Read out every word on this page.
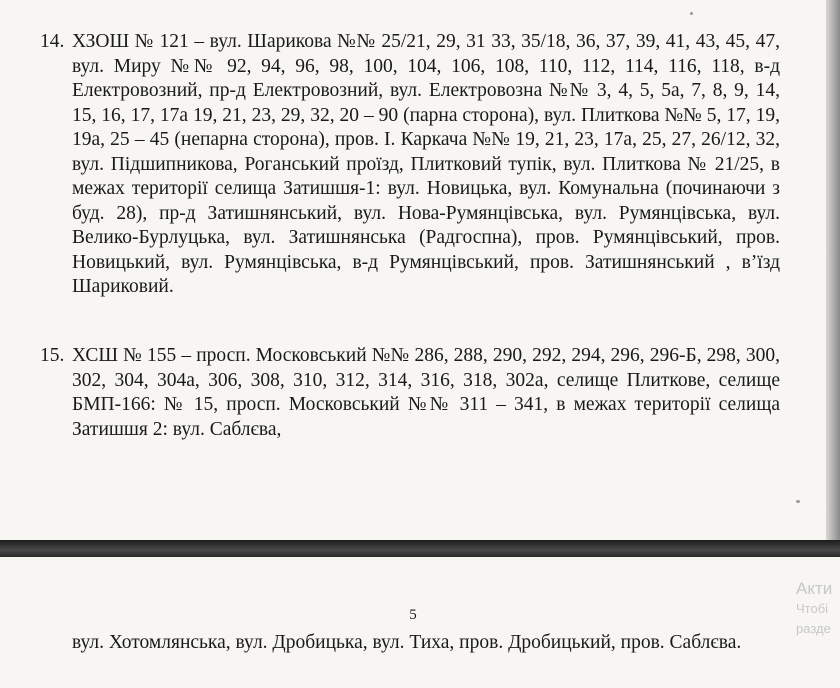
14. ХЗОШ № 121 – вул. Шарикова №№ 25/21, 29, 31 33, 35/18, 36, 37, 39, 41, 43, 45, 47, вул. Миру №№ 92, 94, 96, 98, 100, 104, 106, 108, 110, 112, 114, 116, 118, в-д Електровозний, пр-д Електровозний, вул. Електровозна №№ 3, 4, 5, 5а, 7, 8, 9, 14, 15, 16, 17, 17а 19, 21, 23, 29, 32, 20 – 90 (парна сторона), вул. Плиткова №№ 5, 17, 19, 19а, 25 – 45 (непарна сторона), пров. І. Каркача №№ 19, 21, 23, 17а, 25, 27, 26/12, 32, вул. Підшипникова, Роганський проїзд, Плитковий тупік, вул. Плиткова № 21/25, в межах території селища Затишшя-1: вул. Новицька, вул. Комунальна (починаючи з буд. 28), пр-д Затишнянський, вул. Нова-Румянцівська, вул. Румянцівська, вул. Велико-Бурлуцька, вул. Затишнянська (Радгоспна), пров. Румянцівський, пров. Новицький, вул. Румянцівська, в-д Румянцівський, пров. Затишнянський , в’їзд Шариковий.
15. ХСШ № 155 – просп. Московський №№ 286, 288, 290, 292, 294, 296, 296-Б, 298, 300, 302, 304, 304а, 306, 308, 310, 312, 314, 316, 318, 302а, селище Плиткове, селище БМП-166: № 15, просп. Московський №№ 311 – 341, в межах території селища Затишшя 2: вул. Саблєва,
5
вул. Хотомлянська, вул. Дробицька, вул. Тиха, пров. Дробицький, пров. Саблєва.
Акти
Чтобі
разде
